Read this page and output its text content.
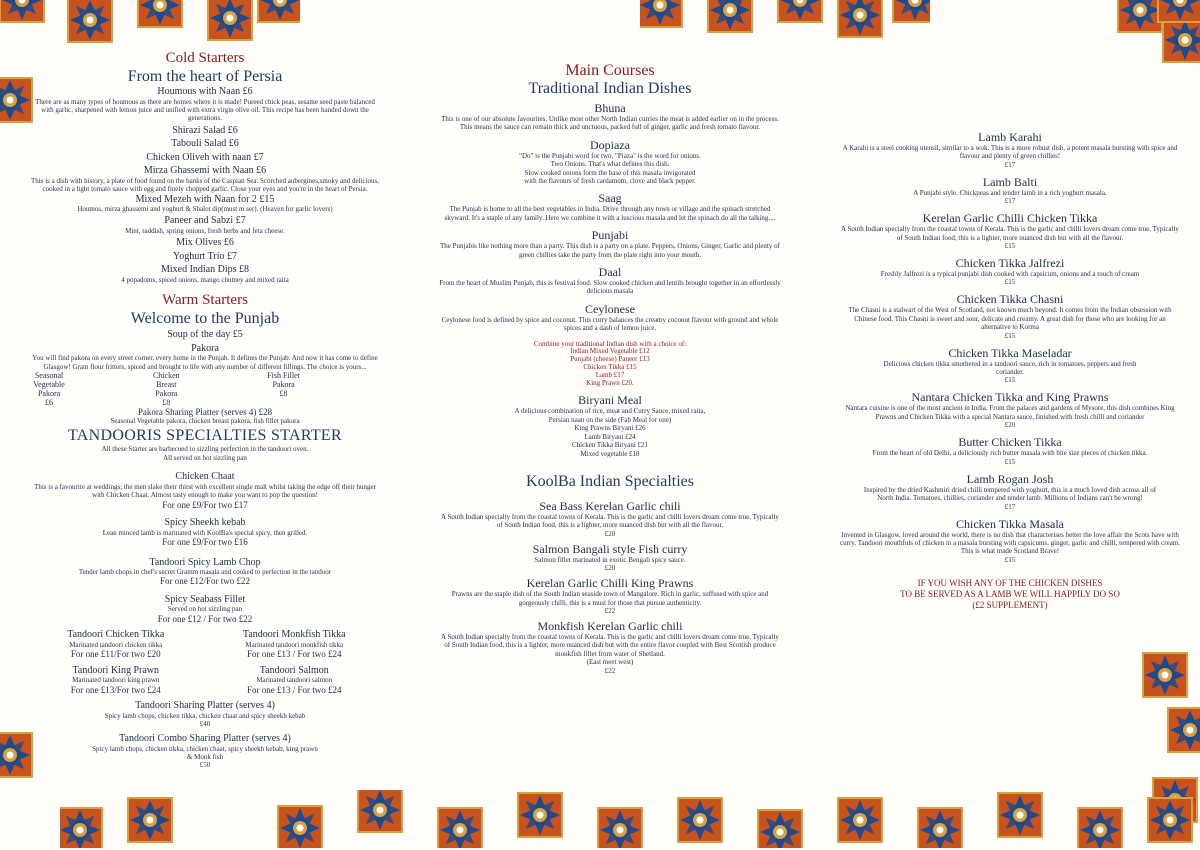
Cold Starters
From the heart of Persia
Houmous with Naan £6
There are as many types of houmous as there are homes where it is made! Pureed chick peas, sesame seed paste balanced with garlic, sharpened with lemon juice and unified with extra virgin olive oil. This recipe has been handed down the generations.
Shirazi Salad £6
Tabouli Salad £6
Chicken Oliveh with naan £7
Mirza Ghassemi with Naan £6
This is a dish with history, a plate of food found on the banks of the Caspian Sea. Scorched aubergines,smoky and delicious, cooked in a light tomato sauce with egg and finely chopped garlic. Close your eyes and you're in the heart of Persia.
Mixed Mezeh with Naan for 2 £15
Houmos, mirza ghassemi and yoghurt & Shalot dip(must m ser). (Heaven for garlic lovers)
Paneer and Sabzi £7
Mint, raddish, spring onions, fresh herbs and feta cheese.
Mix Olives £6
Yoghurt Trio £7
Mixed Indian Dips £8
4 popadoms, spiced onions, mango chutney and mixed raita
Warm Starters
Welcome to the Punjab
Soup of the day £5
Pakora
You will find pakora on every street corner, every home in the Punjab. It defines the Punjab. And now it has come to define Glasgow! Gram flour fritters, spiced and brought to life with any number of different fillings. The choice is yours...
Seasonal Vegetable Pakora
£6
Chicken Breast Pakora
£8
Fish Fillet Pakora
£8
Pakora Sharing Platter (serves 4) £28
Seasonal Vegetable pakora, chicken breast pakora, fish fillet pakora
TANDOORIS SPECIALTIES STARTER
All these Starter are barbecued to sizzling perfection in the tandoori oven.
All served on hot sizzling pan
Chicken Chaat
This is a favourite at weddings; the men slake their thirst with excellent single malt whilst taking the edge off their hunger with Chicken Chaat. Almost tasty enough to make you want to pop the question!
For one £9/For two £17
Spicy Sheekh kebab
Lean minced lamb is marinated with KoolBa's special spicy, then grilled.
For one £9/For two £16
Tandoori Spicy Lamb Chop
Tender lamb chops in chef's secret Gramm masala and cooked to perfection in the tandoor
For one £12/For two £22
Spicy Seabass Fillet
Served on hot sizzling pan
For one £12 / For two £22
Tandoori Chicken Tikka
Marinated tandoori chicken tikka
For one £11/For two £20
Tandoori Monkfish Tikka
Marinated tandoori monkfish tikka
For one £13 / For two £24
Tandoori King Prawn
Marinated tandoori king prawn
For one £13/For two £24
Tandoori Salmon
Marinated tandoori salmon
For one £13 / For two £24
Tandoori Sharing Platter (serves 4)
Spicy lamb chops, chicken tikka, chicken chaat and spicy sheekh kebab
£40
Tandoori Combo Sharing Platter (serves 4)
Spicy lamb chops, chicken tikka, chicken chaat, spicy sheekh kebab, king prawn & Monk fish
£50
Main Courses
Traditional Indian Dishes
Bhuna
This is one of our absolute favourites. Unlike most other North Indian curries the meat is added earlier on in the process. This means the sauce can remain thick and unctuous, packed full of ginger, garlic and fresh tomato flavour.
Dopiaza
"Do" is the Punjabi word for two, "Piaza" is the word for onions.
Two Onions. That's what defines this dish.
Slow cooked onions form the base of this masala invigorated
with the flavours of fresh cardamom, clove and black pepper.
Saag
The Punjab is home to all the best vegetables in India. Drive through any town or village and the spinach stretched skyward. It's a staple of any family. Here we combine it with a luscious masala and let the spinach do all the talking....
Punjabi
The Punjabis like nothing more than a party. This dish is a party on a plate. Peppers, Onions, Ginger, Garlic and plenty of green chillies take the party from the plate right into your mouth.
Daal
From the heart of Muslim Punjab, this is festival food. Slow cooked chicken and lentils brought together in an effortlessly delicious masala
Ceylonese
Ceylonese food is defined by spice and coconut. This curry balances the creamy coconut flavour with ground and whole spices and a dash of lemon juice.
Combine your traditional Indian dish with a choice of:
Indian Mixed Vegetable £12
Punjabi (cheese) Paneer £13
Chicken Tikka £15
Lamb £17
King Prawn £20.
Biryani Meal
A delicious combination of rice, meat and Curry Sauce, mixed raita,
Persian naan on the side (Fab Meal for one)
King Prawns Biryani £26
Lamb Biryani £24
Chicken Tikka Biryani £21
Mixed vegetable £18
KoolBa Indian Specialties
Sea Bass Kerelan Garlic chili
A South Indian specialty from the coastal towns of Kerala. This is the garlic and chilli lovers dream come true. Typically of South Indian food, this is a lighter, more nuanced dish but with all the flavour.
£20
Salmon Bangali style Fish curry
Salmon fillet marinated in exotic Bengali spicy sauce.
£20
Kerelan Garlic Chilli King Prawns
Prawns are the staple dish of the South Indian seaside town of Mangalore. Rich in garlic, suffused with spice and gorgeously chilli, this is a must for those that pursue authenticity.
£22
Monkfish Kerelan Garlic chili
A South Indian specialty from the coastal towns of Kerala. This is the garlic and chilli lovers dream come true. Typically of South Indian food, this is a lighter, more nuanced dish but with the entire flavor coupled with Best Scottish produce monkfish fillet from water of Shetland.
(East meet west)
£22
Lamb Karahi
A Karahi is a steel cooking utensil, similar to a wok. This is a more robust dish, a potent masala bursting with spice and flavour and plenty of green chillies!
£17
Lamb Balti
A Punjabi style. Chickpeas and tender lamb in a rich yoghurt masala.
£17
Kerelan Garlic Chilli Chicken Tikka
A South Indian specialty from the coastal towns of Kerala. This is the garlic and chilli lovers dream come true. Typically of South Indian food, this is a lighter, more nuanced dish but with all the flavour.
£15
Chicken Tikka Jalfrezi
Freshly Jalfrezi is a typical punjabi dish cooked with capsicum, onions and a touch of cream
£15
Chicken Tikka Chasni
The Chasni is a stalwart of the West of Scotland, not known much beyond. It comes from the Indian obsession with Chinese food. This Chasni is sweet and sour, delicate and creamy. A great dish for those who are looking for an alternative to Korma
£15
Chicken Tikka Maseladar
Delicious chicken tikka smothered in a tandoori sauce, rich in tomatoes, peppers and fresh coriander.
£15
Nantara Chicken Tikka and King Prawns
Nantara cuisine is one of the most ancient in India. From the palaces and gardens of Mysore, this dish combines King Prawns and Chicken Tikka with a special Nantara sauce, finished with fresh chilli and coriander
£20
Butter Chicken Tikka
From the heart of old Delhi, a deliciously rich butter masala with bite size pieces of chicken tikka.
£15
Lamb Rogan Josh
Inspired by the dried Kashmiri dried chilli tempered with yoghurt, this is a much loved dish across all of North India. Tomatoes, chillies, coriander and tender lamb. Millions of Indians can't be wrong!
£17
Chicken Tikka Masala
Invented in Glasgow, loved around the world, there is no dish that characterises better the love affair the Scots have with curry. Tandoori mouthfuls of chicken in a masala bursting with capsicums, ginger, garlic and chilli, tempered with cream. This is what made Scotland Brave!
£15
IF YOU WISH ANY OF THE CHICKEN DISHES
TO BE SERVED AS A LAMB WE WILL HAPPILY DO SO
(£2 SUPPLEMENT)
